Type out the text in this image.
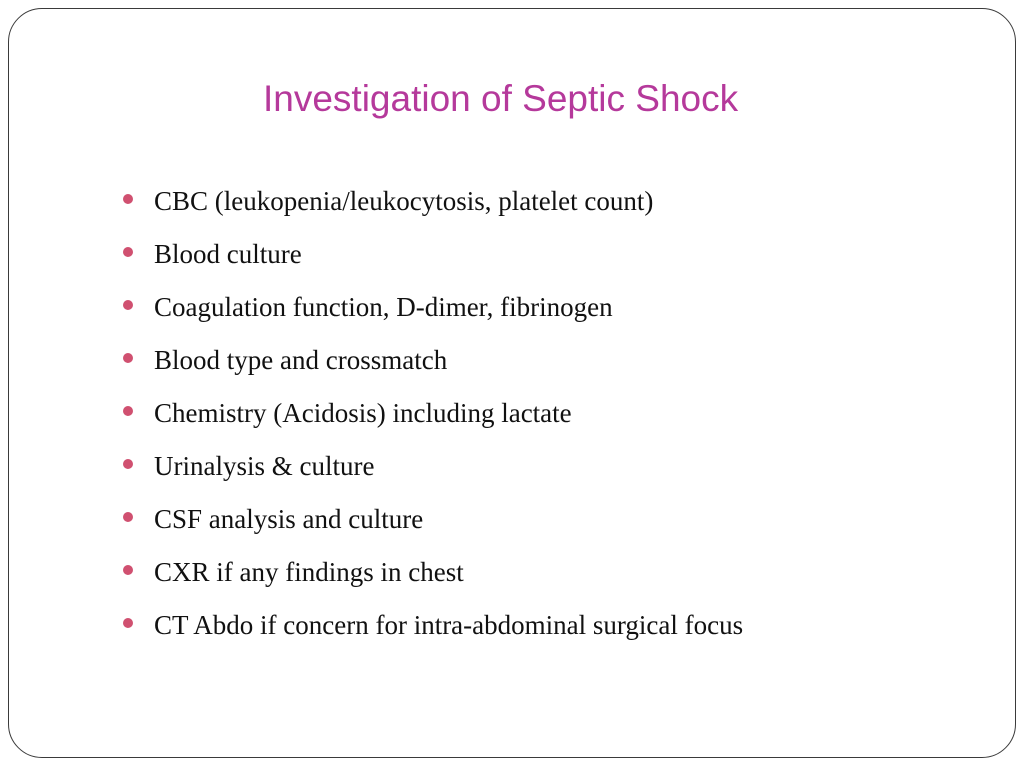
Investigation of Septic Shock
CBC (leukopenia/leukocytosis, platelet count)
Blood culture
Coagulation function, D-dimer, fibrinogen
Blood type and crossmatch
Chemistry (Acidosis) including lactate
Urinalysis & culture
CSF analysis and culture
CXR if any findings in chest
CT Abdo if concern for intra-abdominal surgical focus
